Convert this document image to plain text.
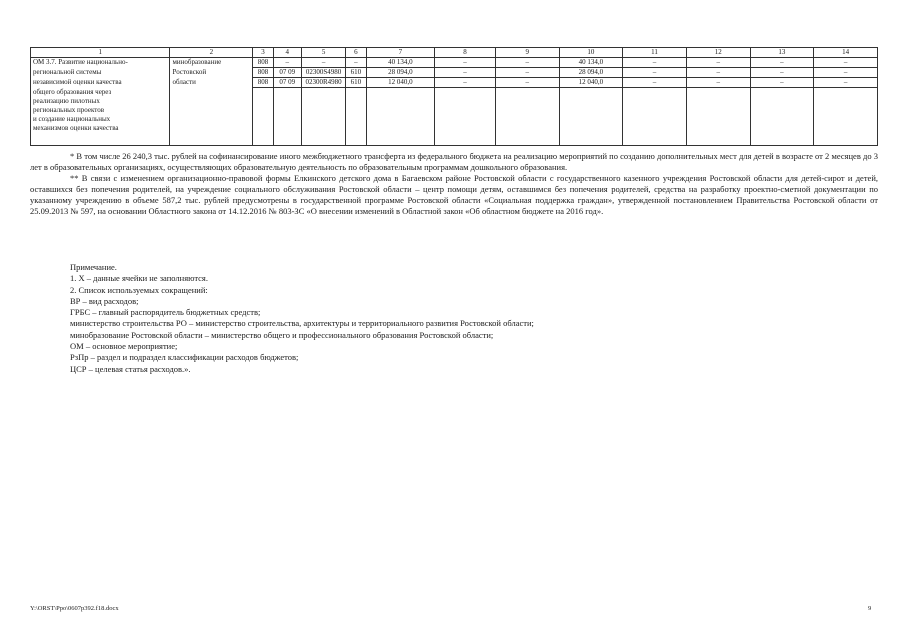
1	2	3	4	5	6	7	8	9	10	11	12	13	14
ОМ 3.7. Развитие национально-	минобразование	808	–	–	–	40 134,0	–	–	40 134,0	–	–	–	–
региональной системы	Ростовской	808	07 09	02300S4980	610	28 094,0	–	–	28 094,0	–	–	–	–
независимой оценки качества	области	808	07 09	02300R4980	610	12 040,0	–	–	12 040,0	–	–	–	–

общего образования через
реализацию пилотных
региональных проектов
и создание национальных
механизмов оценки качества													

* В том числе 26 240,3 тыс. рублей на софинансирование иного межбюджетного трансферта из федерального бюджета на реализацию мероприятий по созданию дополнительных мест для детей в возрасте от 2 месяцев до 3 лет в образовательных организациях, осуществляющих образовательную деятельность по образовательным программам дошкольного образования.

** В связи с изменением организационно-правовой формы Елкинского детского дома в Багаевском районе Ростовской области с государственного казенного учреждения Ростовской области для детей-сирот и детей, оставшихся без попечения родителей, на учреждение социального обслуживания Ростовской области – центр помощи детям, оставшимся без попечения родителей, средства на разработку проектно-сметной документации по указанному учреждению в объеме 587,2 тыс. рублей предусмотрены в государственной программе Ростовской области «Социальная поддержка граждан», утвержденной постановлением Правительства Ростовской области от 25.09.2013 № 597, на основании Областного закона от 14.12.2016 № 803-ЗС «О внесении изменений в Областной закон «Об областном бюджете на 2016 год».

Примечание.
1. Х – данные ячейки не заполняются.
2. Список используемых сокращений:
ВР – вид расходов;
ГРБС – главный распорядитель бюджетных средств;
министерство строительства РО – министерство строительства, архитектуры и территориального развития Ростовской области;
минобразование Ростовской области – министерство общего и профессионального образования Ростовской области;
ОМ – основное мероприятие;
РзПр – раздел и подраздел классификации расходов бюджетов;
ЦСР – целевая статья расходов.».
Y:\ORST\Ppo\0607p392.f18.docx	9
